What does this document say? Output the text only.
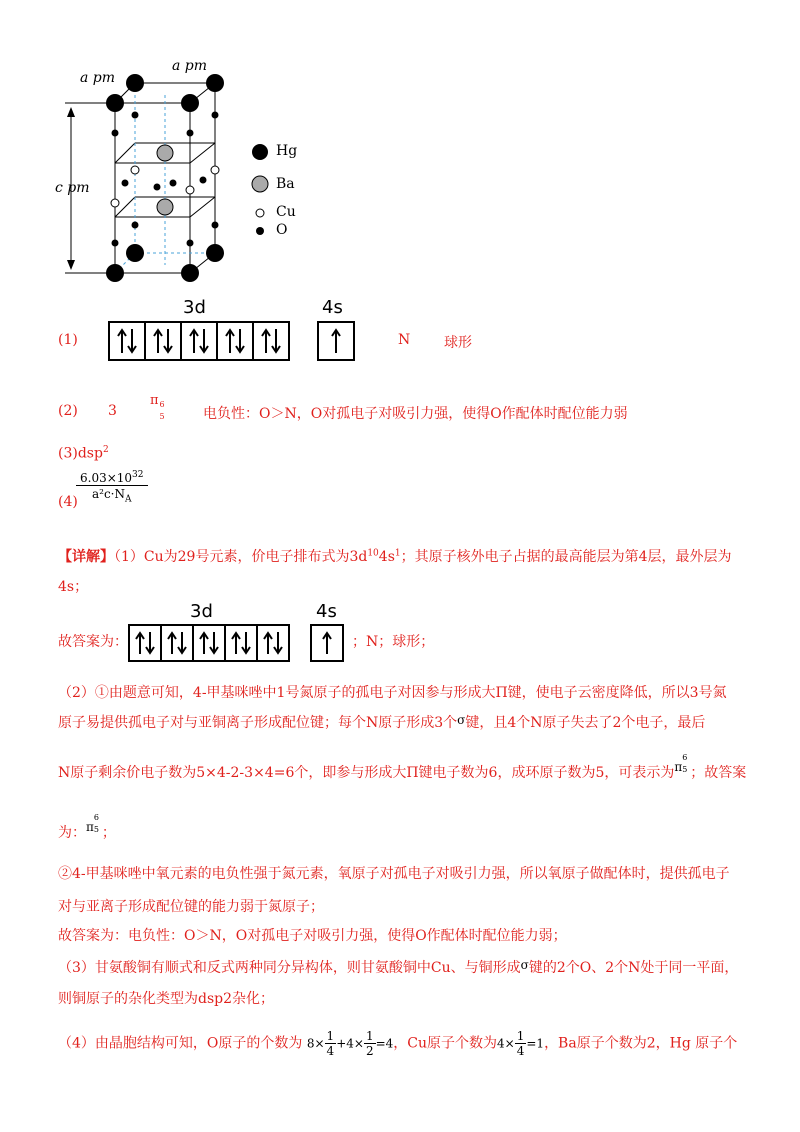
a pm
a pm
c pm
Hg
Ba
Cu
O
3d	4s
(1)	N 球形
(2) 3
π 6
5	电负性：O＞N，O对孤电子对吸引力强，使得O作配体时配位能力弱
(3)dsp$^2$
(4)
$6.03\times 10^{32}$
$a^2c\cdot N_A$
【详解】（1）Cu为29号元素，价电子排布式为$3d^{10}4s^1$；其原子核外电子占据的最高能层为第4层，最外层为
4s；
3d	4s
故答案为：	；N；球形；
（2）①由题意可知，4-甲基咪唑中1号氮原子的孤电子对因参与形成大Π键，使电子云密度降低，所以3号氮
原子易提供孤电子对与亚铜离子形成配位键；每个N原子形成3个σ键，且4个N原子失去了2个电子，最后
N原子剩余价电子数为5×4-2-3×4=6个，即参与形成大Π键电子数为6，成环原子数为5，可表示为π
6
5 ；故答案
为：π
6
5 ；
②4-甲基咪唑中氧元素的电负性强于氮元素，氧原子对孤电子对吸引力强，所以氧原子做配体时，提供孤电子
对与亚离子形成配位键的能力弱于氮原子；
故答案为：电负性：O＞N，O对孤电子对吸引力强，使得O作配体时配位能力弱；
（3）甘氨酸铜有顺式和反式两种同分异构体，则甘氨酸铜中Cu、与铜形成σ键的2个O、2个N处于同一平面，
则铜原子的杂化类型为dsp2杂化；
（4）由晶胞结构可知，O原子的个数为 $8\times \frac{1}{4} +4\times \frac{1}{2} =4$，Cu原子个数为$4\times \frac{1}{4} =1$，Ba原子个数为2，Hg 原子个
